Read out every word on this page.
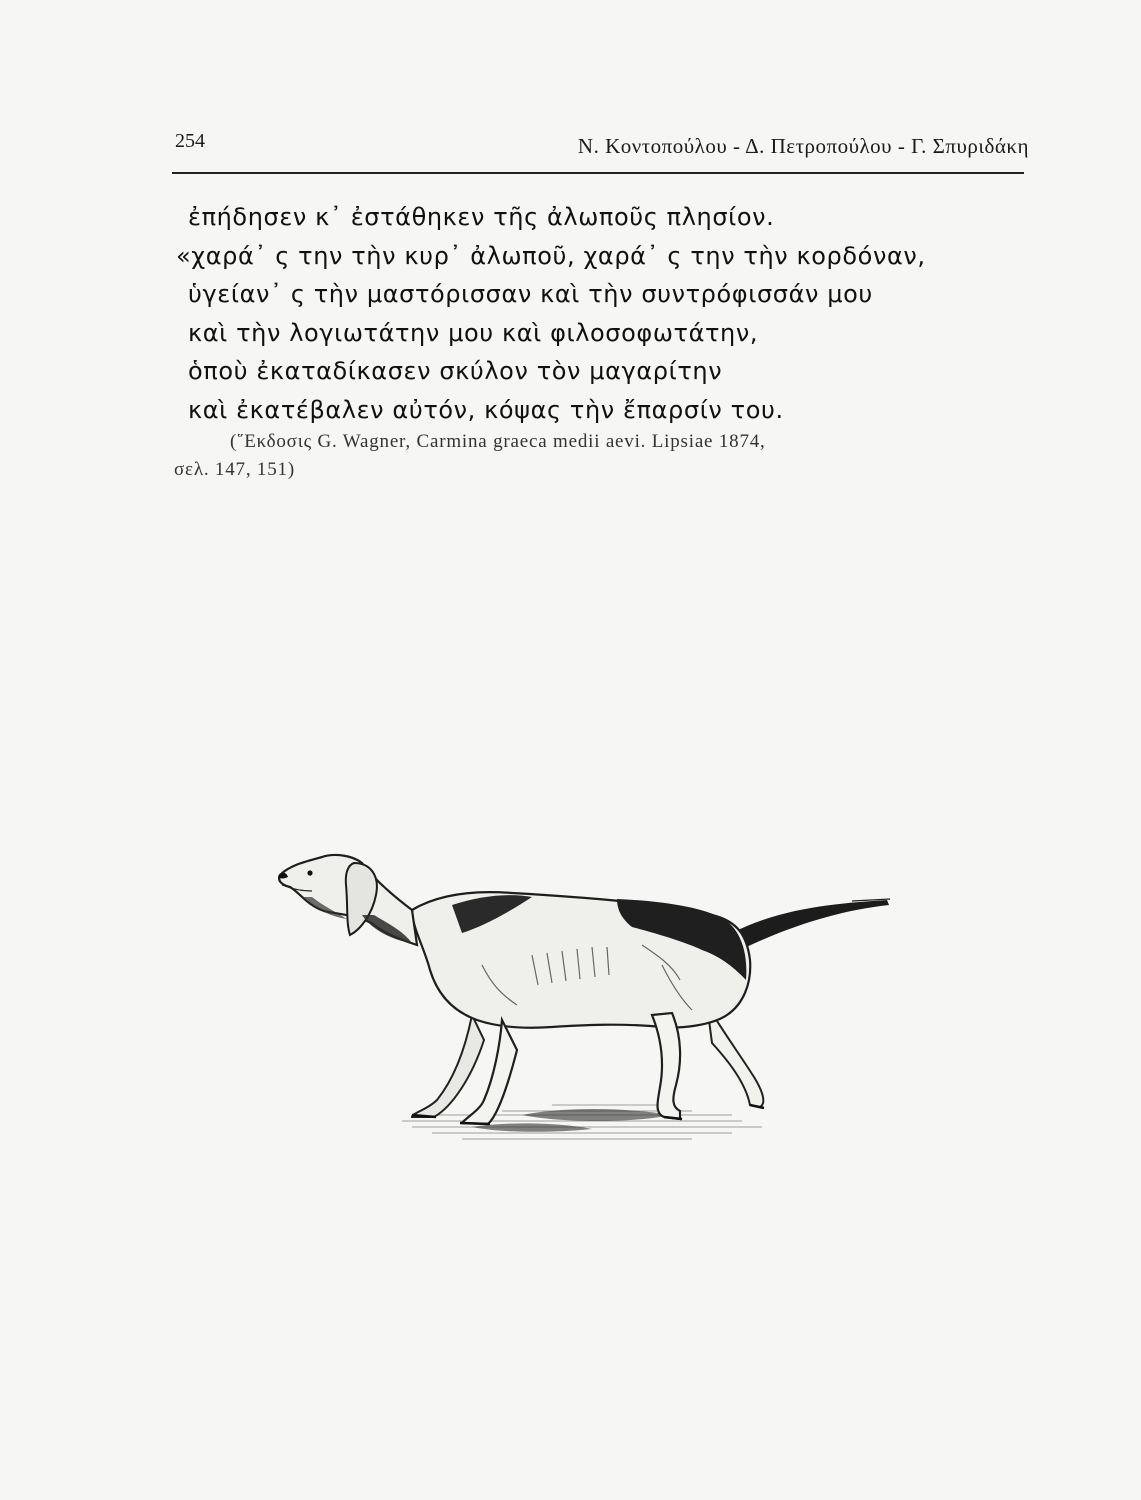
254	Ν. Κοντοπούλου - Δ. Πετροπούλου - Γ. Σπυριδάκη
ἐπήδησεν κ᾽ ἐστάθηκεν τῆς ἀλωποῦς πλησίον.
«χαρά᾽ ς την τὴν κυρ᾽ ἀλωποῦ, χαρά᾽ ς την τὴν κορδόναν,
ὑγείαν᾽ ς τὴν μαστόρισσαν καὶ τὴν συντρόφισσάν μου
καὶ τὴν λογιωτάτην μου καὶ φιλοσοφωτάτην,
ὁποὺ ἐκαταδίκασεν σκύλον τὸν μαγαρίτην
καὶ ἐκατέβαλεν αὐτόν, κόψας τὴν ἔπαρσίν του.
(῞Εκδοσις G. Wagner, Carmina graeca medii aevi. Lipsiae 1874,
σελ. 147, 151)
